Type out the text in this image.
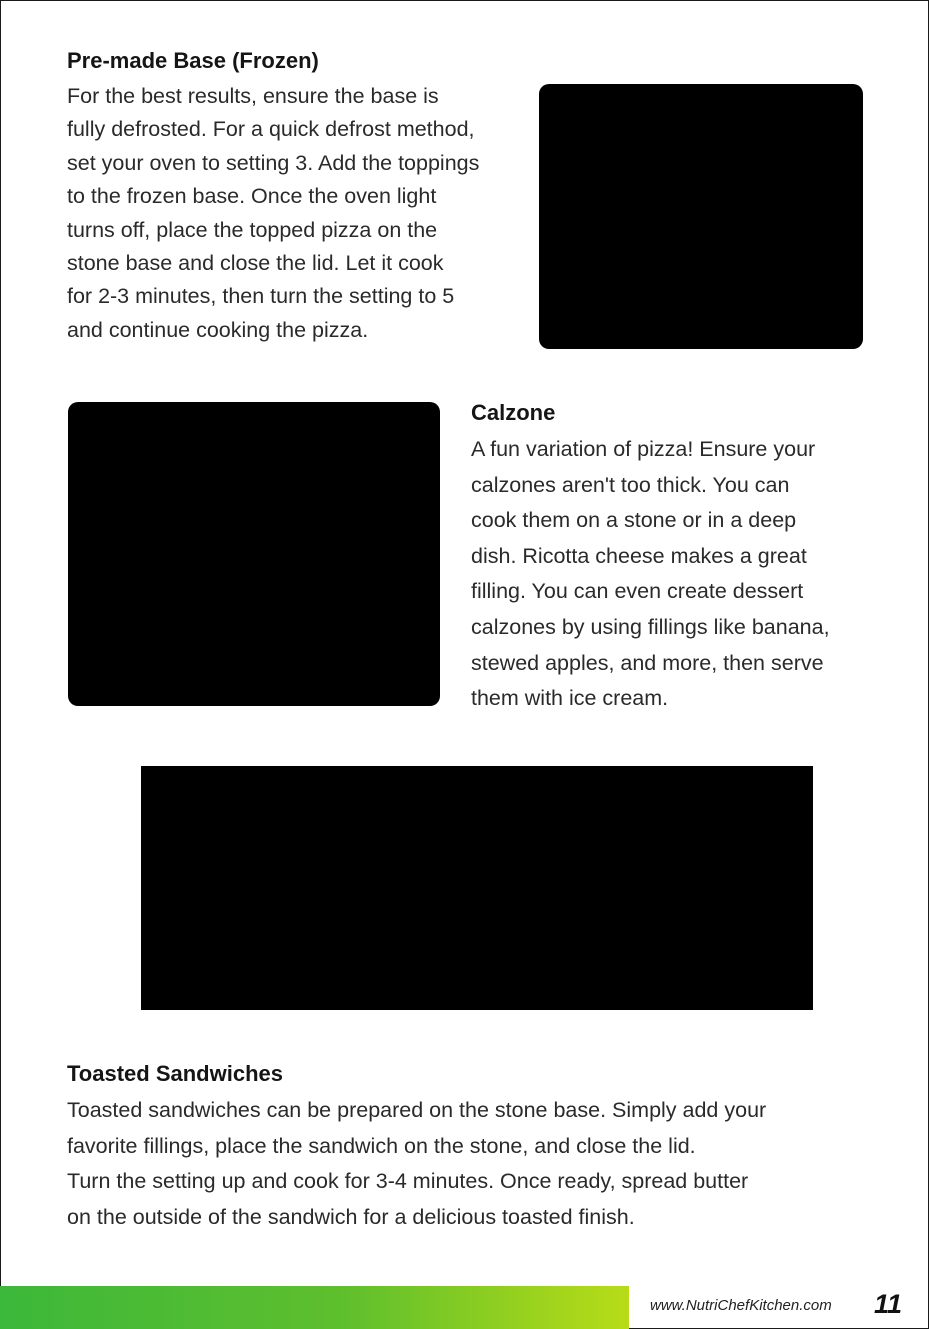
Pre-made Base (Frozen)

For the best results, ensure the base is
fully defrosted. For a quick defrost method,
set your oven to setting 3. Add the toppings
to the frozen base. Once the oven light
turns off, place the topped pizza on the
stone base and close the lid. Let it cook
for 2-3 minutes, then turn the setting to 5
and continue cooking the pizza.

Calzone

A fun variation of pizza! Ensure your
calzones aren't too thick. You can
cook them on a stone or in a deep
dish. Ricotta cheese makes a great
filling. You can even create dessert
calzones by using fillings like banana,
stewed apples, and more, then serve
them with ice cream.

Toasted Sandwiches

Toasted sandwiches can be prepared on the stone base. Simply add your
favorite fillings, place the sandwich on the stone, and close the lid.
Turn the setting up and cook for 3-4 minutes. Once ready, spread butter
on the outside of the sandwich for a delicious toasted finish.

www.NutriChefKitchen.com 11
